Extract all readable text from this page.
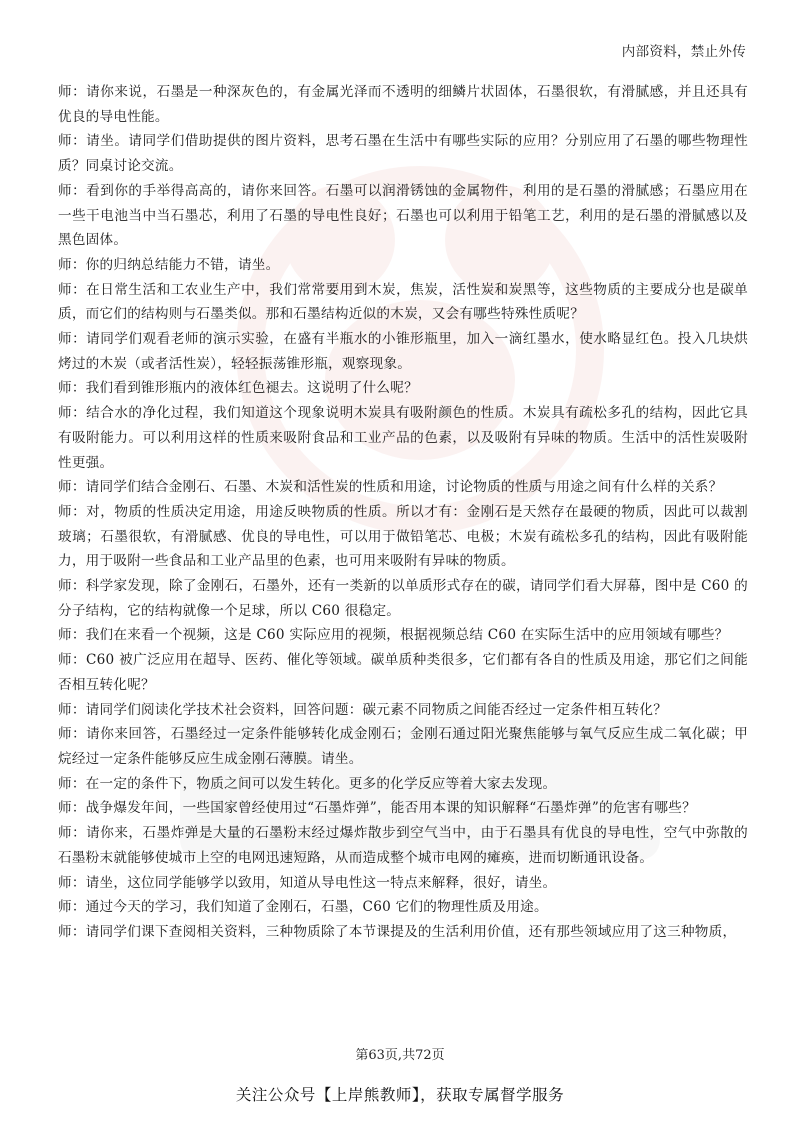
内部资料，禁止外传

师：请你来说，石墨是一种深灰色的，有金属光泽而不透明的细鳞片状固体，石墨很软，有滑腻感，并且还具有优良的导电性能。

师：请坐。请同学们借助提供的图片资料，思考石墨在生活中有哪些实际的应用？分别应用了石墨的哪些物理性质？同桌讨论交流。

师：看到你的手举得高高的，请你来回答。石墨可以润滑锈蚀的金属物件，利用的是石墨的滑腻感；石墨应用在一些干电池当中当石墨芯，利用了石墨的导电性良好；石墨也可以利用于铅笔工艺，利用的是石墨的滑腻感以及黑色固体。

师：你的归纳总结能力不错，请坐。

师：在日常生活和工农业生产中，我们常常要用到木炭，焦炭，活性炭和炭黑等，这些物质的主要成分也是碳单质，而它们的结构则与石墨类似。那和石墨结构近似的木炭，又会有哪些特殊性质呢？

师：请同学们观看老师的演示实验，在盛有半瓶水的小锥形瓶里，加入一滴红墨水，使水略显红色。投入几块烘烤过的木炭（或者活性炭），轻轻振荡锥形瓶，观察现象。

师：我们看到锥形瓶内的液体红色褪去。这说明了什么呢？

师：结合水的净化过程，我们知道这个现象说明木炭具有吸附颜色的性质。木炭具有疏松多孔的结构，因此它具有吸附能力。可以利用这样的性质来吸附食品和工业产品的色素，以及吸附有异味的物质。生活中的活性炭吸附性更强。

师：请同学们结合金刚石、石墨、木炭和活性炭的性质和用途，讨论物质的性质与用途之间有什么样的关系？

师：对，物质的性质决定用途，用途反映物质的性质。所以才有：金刚石是天然存在最硬的物质，因此可以裁割玻璃；石墨很软，有滑腻感、优良的导电性，可以用于做铅笔芯、电极；木炭有疏松多孔的结构，因此有吸附能力，用于吸附一些食品和工业产品里的色素，也可用来吸附有异味的物质。

师：科学家发现，除了金刚石，石墨外，还有一类新的以单质形式存在的碳，请同学们看大屏幕，图中是 C60 的分子结构，它的结构就像一个足球，所以 C60 很稳定。

师：我们在来看一个视频，这是 C60 实际应用的视频，根据视频总结 C60 在实际生活中的应用领域有哪些？

师：C60 被广泛应用在超导、医药、催化等领域。碳单质种类很多，它们都有各自的性质及用途，那它们之间能否相互转化呢？

师：请同学们阅读化学技术社会资料，回答问题：碳元素不同物质之间能否经过一定条件相互转化？

师：请你来回答，石墨经过一定条件能够转化成金刚石；金刚石通过阳光聚焦能够与氧气反应生成二氧化碳；甲烷经过一定条件能够反应生成金刚石薄膜。请坐。

师：在一定的条件下，物质之间可以发生转化。更多的化学反应等着大家去发现。

师：战争爆发年间，一些国家曾经使用过“石墨炸弹”，能否用本课的知识解释“石墨炸弹”的危害有哪些？

师：请你来，石墨炸弹是大量的石墨粉末经过爆炸散步到空气当中，由于石墨具有优良的导电性，空气中弥散的石墨粉末就能够使城市上空的电网迅速短路，从而造成整个城市电网的瘫痪，进而切断通讯设备。

师：请坐，这位同学能够学以致用，知道从导电性这一特点来解释，很好，请坐。

师：通过今天的学习，我们知道了金刚石，石墨，C60 它们的物理性质及用途。

师：请同学们课下查阅相关资料，三种物质除了本节课提及的生活利用价值，还有那些领域应用了这三种物质，

第63页,共72页
关注公众号【上岸熊教师】，获取专属督学服务
